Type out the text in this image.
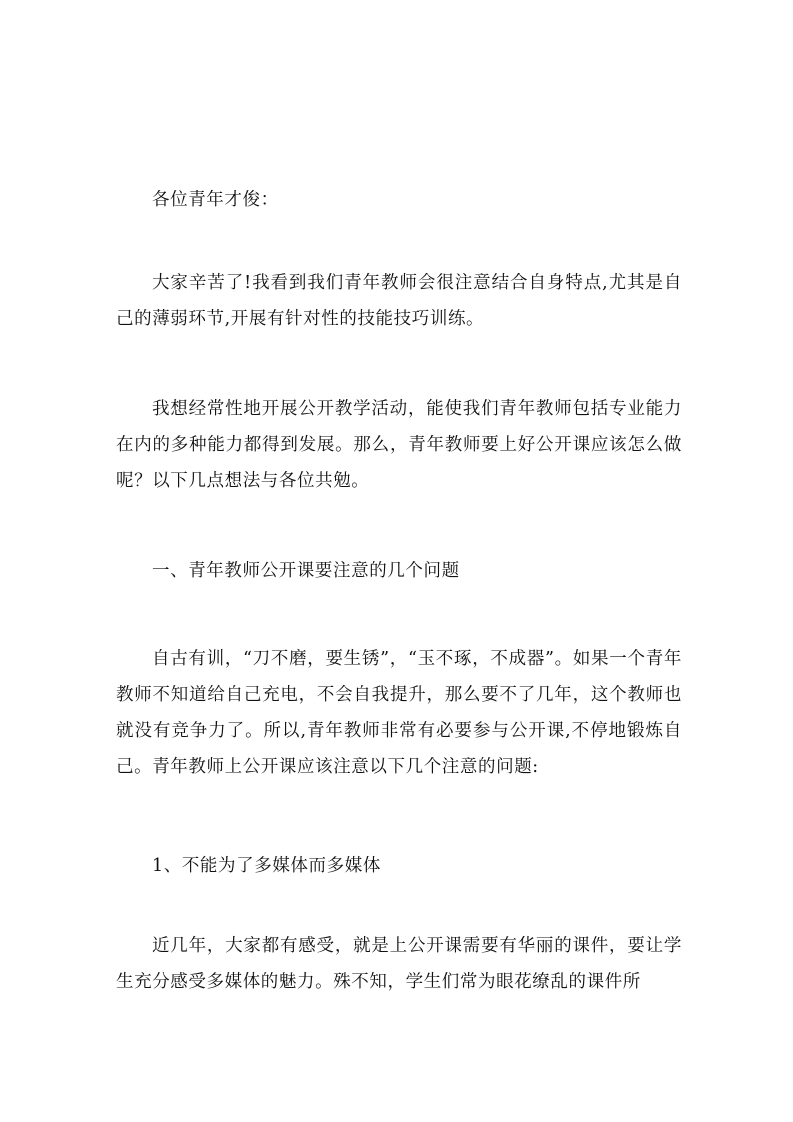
各位青年才俊：

大家辛苦了!我看到我们青年教师会很注意结合自身特点,尤其是自己的薄弱环节,开展有针对性的技能技巧训练。

我想经常性地开展公开教学活动，能使我们青年教师包括专业能力在内的多种能力都得到发展。那么，青年教师要上好公开课应该怎么做呢？以下几点想法与各位共勉。

一、青年教师公开课要注意的几个问题

自古有训，“刀不磨，要生锈”，“玉不琢，不成器”。如果一个青年教师不知道给自己充电，不会自我提升，那么要不了几年，这个教师也就没有竞争力了。所以,青年教师非常有必要参与公开课,不停地锻炼自己。青年教师上公开课应该注意以下几个注意的问题:

1、不能为了多媒体而多媒体

近几年，大家都有感受，就是上公开课需要有华丽的课件，要让学生充分感受多媒体的魅力。殊不知，学生们常为眼花缭乱的课件所
